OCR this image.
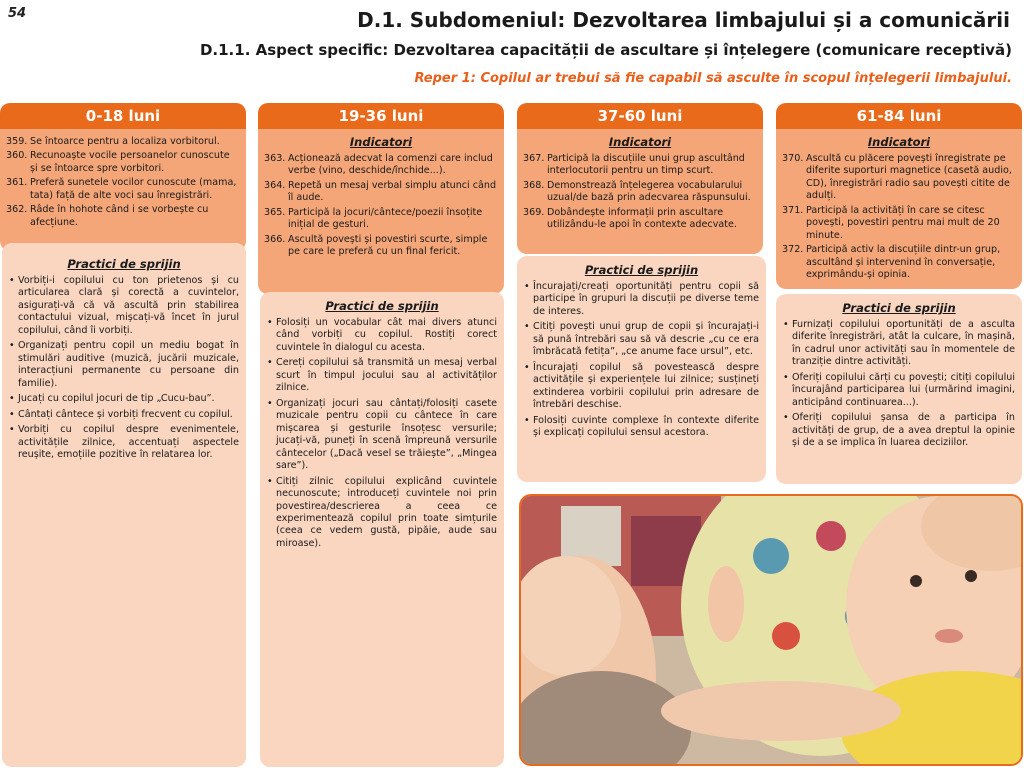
54	D.1. Subdomeniul: Dezvoltarea limbajului și a comunicării
D.1.1. Aspect specific: Dezvoltarea capacității de ascultare și înțelegere (comunicare receptivă)
Reper 1: Copilul ar trebui să fie capabil să asculte în scopul înțelegerii limbajului.
0-18 luni
359. Se întoarce pentru a localiza vorbitorul.
360. Recunoaște vocile persoanelor cunoscute și se întoarce spre vorbitori.
361. Preferă sunetele vocilor cunoscute (mama, tata) față de alte voci sau înregistrări.
362. Râde în hohote când i se vorbește cu afecțiune.
Practici de sprijin
• Vorbiți-i copilului cu ton prietenos și cu articularea clară și corectă a cuvintelor, asigurați-vă că vă ascultă prin stabilirea contactului vizual, mișcați-vă încet în jurul copilului, când îi vorbiți.
• Organizați pentru copil un mediu bogat în stimulări auditive (muzică, jucării muzicale, interacțiuni permanente cu persoane din familie).
• Jucați cu copilul jocuri de tip „Cucu-bau”.
• Cântați cântece și vorbiți frecvent cu copilul.
• Vorbiți cu copilul despre evenimentele, activitățile zilnice, accentuați aspectele reușite, emoțiile pozitive în relatarea lor.
19-36 luni
Indicatori
363. Acționează adecvat la comenzi care includ verbe (vino, deschide/închide...).
364. Repetă un mesaj verbal simplu atunci când îl aude.
365. Participă la jocuri/cântece/poezii însoțite inițial de gesturi.
366. Ascultă povești și povestiri scurte, simple pe care le preferă cu un final fericit.
Practici de sprijin
• Folosiți un vocabular cât mai divers atunci când vorbiți cu copilul. Rostiți corect cuvintele în dialogul cu acesta.
• Cereți copilului să transmită un mesaj verbal scurt în timpul jocului sau al activităților zilnice.
• Organizați jocuri sau cântați/folosiți casete muzicale pentru copii cu cântece în care mișcarea și gesturile însoțesc versurile; jucați-vă, puneți în scenă împreună versurile cântecelor („Dacă vesel se trăiește”, „Mingea sare”).
• Citiți zilnic copilului explicând cuvintele necunoscute; introduceți cuvintele noi prin povestirea/descrierea a ceea ce experimentează copilul prin toate simțurile (ceea ce vedem gustă, pipăie, aude sau miroase).
37-60 luni
Indicatori
367. Participă la discuțiile unui grup ascultând interlocutorii pentru un timp scurt.
368. Demonstrează înțelegerea vocabularului uzual/de bază prin adecvarea răspunsului.
369. Dobândește informații prin ascultare utilizându-le apoi în contexte adecvate.
Practici de sprijin
• Încurajați/creați oportunități pentru copii să participe în grupuri la discuții pe diverse teme de interes.
• Citiți povești unui grup de copii și încurajați-i să pună întrebări sau să vă descrie „cu ce era îmbrăcată fetița”, „ce anume face ursul”, etc.
• Încurajați copilul să povestească despre activitățile și experiențele lui zilnice; susțineți extinderea vorbirii copilului prin adresare de întrebări deschise.
• Folosiți cuvinte complexe în contexte diferite și explicați copilului sensul acestora.
61-84 luni
Indicatori
370. Ascultă cu plăcere povești înregistrate pe diferite suporturi magnetice (casetă audio, CD), înregistrări radio sau povești citite de adulți.
371. Participă la activități în care se citesc povești, povestiri pentru mai mult de 20 minute.
372. Participă activ la discuțiile dintr-un grup, ascultând și intervenind în conversație, exprimându-și opinia.
Practici de sprijin
• Furnizați copilului oportunități de a asculta diferite înregistrări, atât la culcare, în mașină, în cadrul unor activități sau în momentele de tranziție dintre activități.
• Oferiți copilului cărți cu povești; citiți copilului încurajând participarea lui (urmărind imagini, anticipând continuarea...).
• Oferiți copilului șansa de a participa în activități de grup, de a avea dreptul la opinie și de a se implica în luarea deciziilor.
